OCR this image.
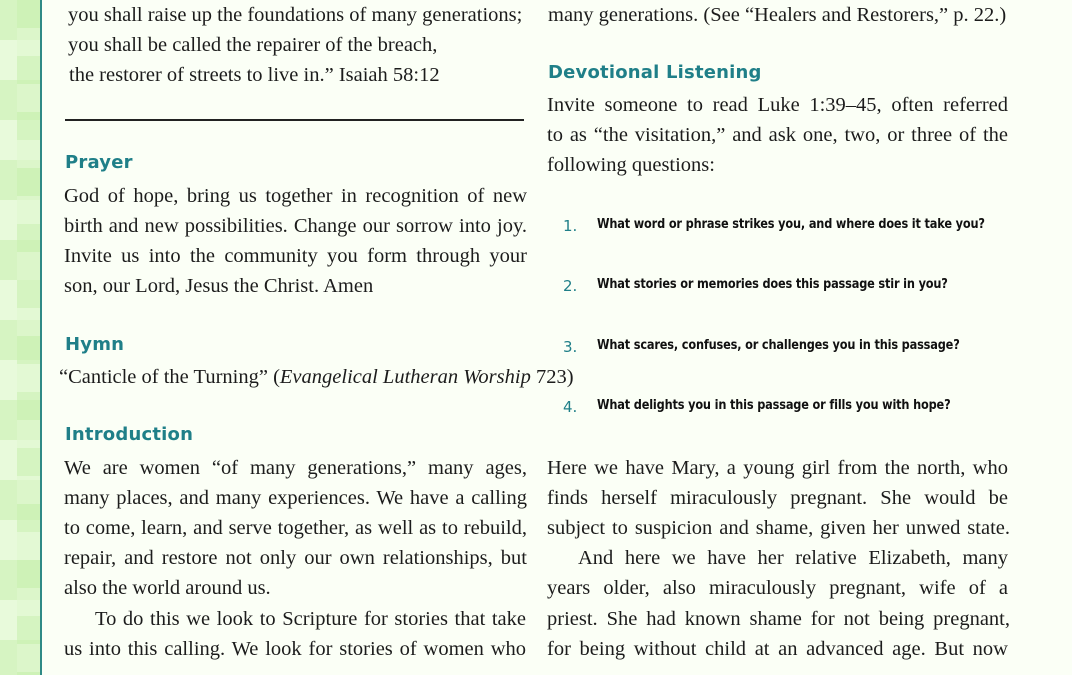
you shall raise up the foundations of many generations;
you shall be called the repairer of the breach,
the restorer of streets to live in.” Isaiah 58:12
Prayer
God of hope, bring us together in recognition of new
birth and new possibilities. Change our sorrow into joy.
Invite us into the community you form through your
son, our Lord, Jesus the Christ. Amen
Hymn
“Canticle of the Turning” (Evangelical Lutheran Worship 723)
Introduction
We are women “of many generations,” many ages,
many places, and many experiences. We have a calling
to come, learn, and serve together, as well as to rebuild,
repair, and restore not only our own relationships, but
also the world around us.
To do this we look to Scripture for stories that take
us into this calling. We look for stories of women who
many generations. (See “Healers and Restorers,” p. 22.)
Devotional Listening
Invite someone to read Luke 1:39–45, often referred
to as “the visitation,” and ask one, two, or three of the
following questions:
1. What word or phrase strikes you, and where does it take you?
2. What stories or memories does this passage stir in you?
3. What scares, confuses, or challenges you in this passage?
4. What delights you in this passage or fills you with hope?
Here we have Mary, a young girl from the north, who
finds herself miraculously pregnant. She would be
subject to suspicion and shame, given her unwed state.
And here we have her relative Elizabeth, many
years older, also miraculously pregnant, wife of a
priest. She had known shame for not being pregnant,
for being without child at an advanced age. But now
